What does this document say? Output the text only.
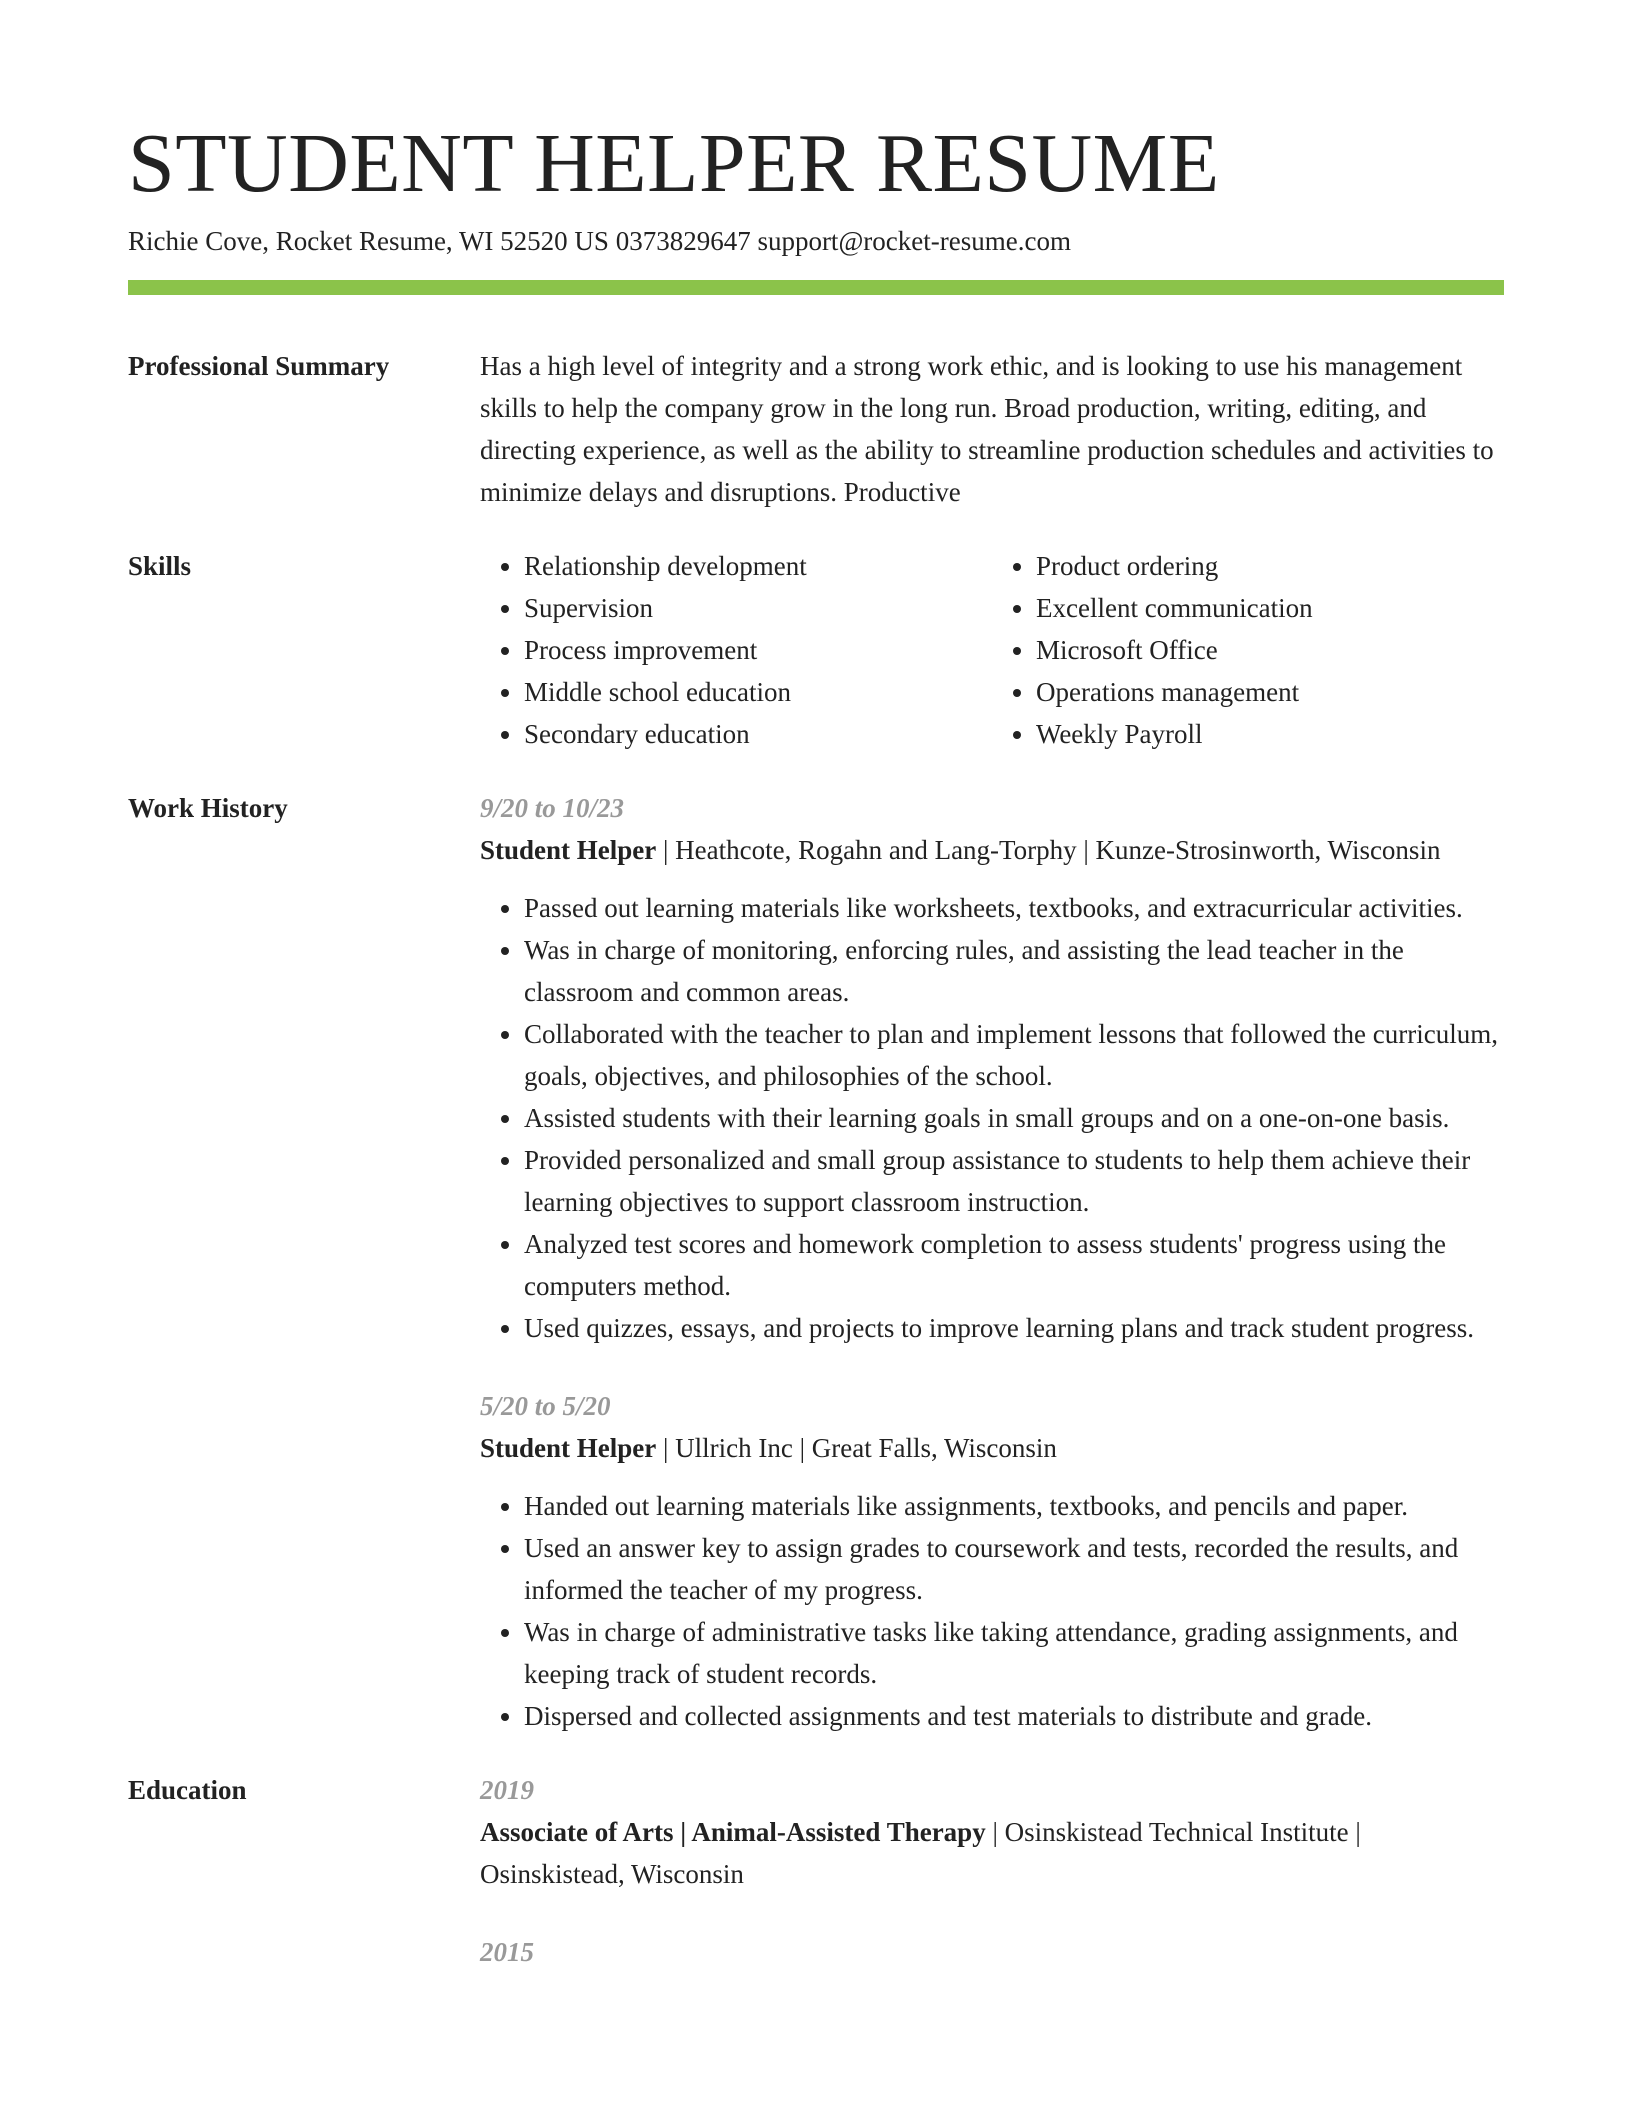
STUDENT HELPER RESUME
Richie Cove, Rocket Resume, WI 52520 US 0373829647 support@rocket-resume.com
Professional Summary	Has a high level of integrity and a strong work ethic, and is looking to use his management skills to help the company grow in the long run. Broad production, writing, editing, and directing experience, as well as the ability to streamline production schedules and activities to minimize delays and disruptions. Productive
Skills
•	Relationship development
• Supervision
• Process improvement
• Middle school education
• Secondary education
• Product ordering
• Excellent communication
• Microsoft Office
• Operations management
• Weekly Payroll
Work History	9/20 to 10/23
Student Helper | Heathcote, Rogahn and Lang-Torphy | Kunze-Strosinworth, Wisconsin
• Passed out learning materials like worksheets, textbooks, and extracurricular activities.
• Was in charge of monitoring, enforcing rules, and assisting the lead teacher in the classroom and common areas.
• Collaborated with the teacher to plan and implement lessons that followed the curriculum, goals, objectives, and philosophies of the school.
• Assisted students with their learning goals in small groups and on a one-on-one basis.
• Provided personalized and small group assistance to students to help them achieve their learning objectives to support classroom instruction.
• Analyzed test scores and homework completion to assess students' progress using the computers method.
• Used quizzes, essays, and projects to improve learning plans and track student progress.
5/20 to 5/20
Student Helper | Ullrich Inc | Great Falls, Wisconsin
• Handed out learning materials like assignments, textbooks, and pencils and paper.
• Used an answer key to assign grades to coursework and tests, recorded the results, and informed the teacher of my progress.
• Was in charge of administrative tasks like taking attendance, grading assignments, and keeping track of student records.
• Dispersed and collected assignments and test materials to distribute and grade.
Education	2019
Associate of Arts | Animal-Assisted Therapy | Osinskistead Technical Institute | Osinskistead, Wisconsin
2015
